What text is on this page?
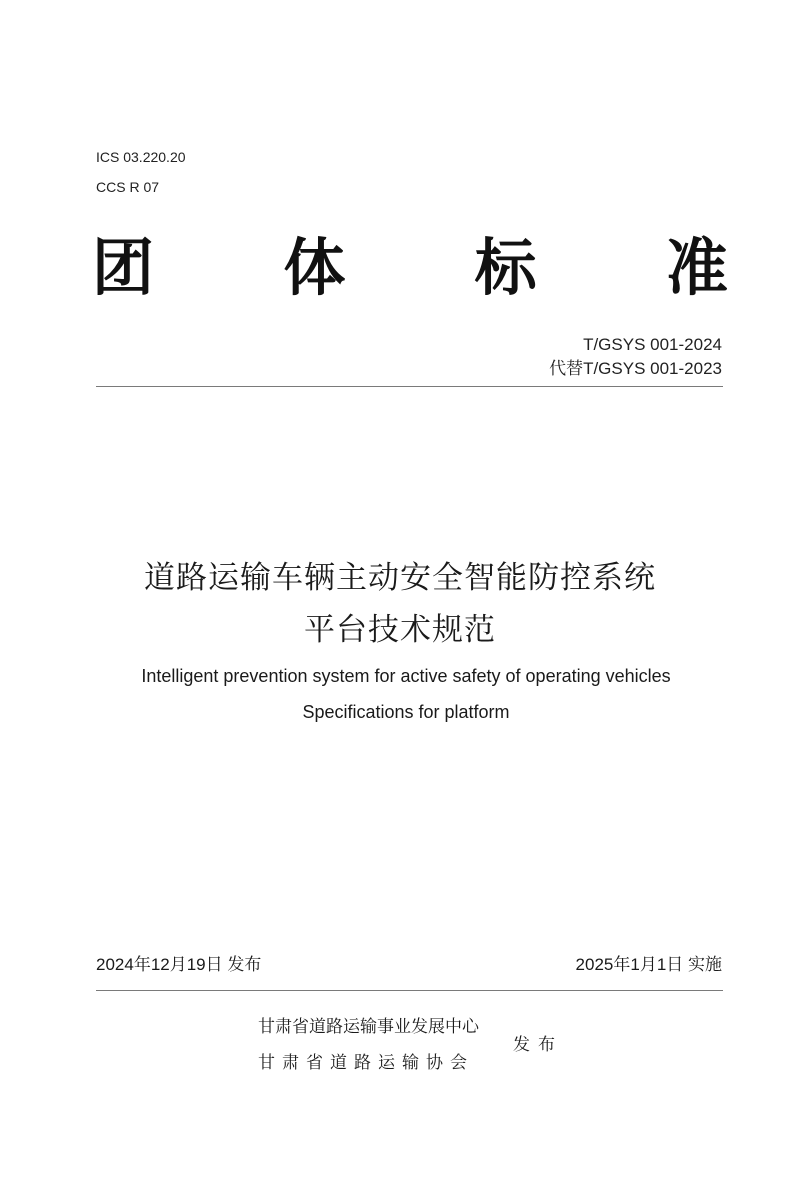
ICS 03.220.20
CCS R 07
团 体 标 准
T/GSYS 001-2024
代替T/GSYS 001-2023
道路运输车辆主动安全智能防控系统
平台技术规范
Intelligent prevention system for active safety of operating vehicles
Specifications for platform
2024年12月19日 发布	2025年1月1日 实施
甘肃省道路运输事业发展中心
甘肃省道路运输协会
发布
